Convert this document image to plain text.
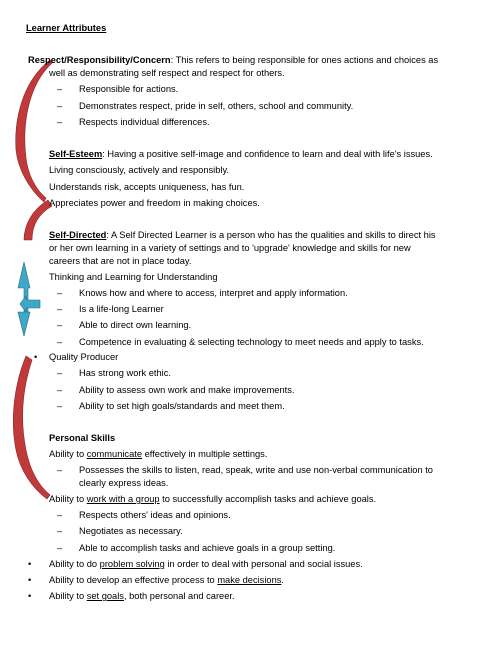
Learner Attributes
Respect/Responsibility/Concern: This refers to being responsible for ones actions and choices as
well as demonstrating self respect and respect for others.
– Responsible for actions.
– Demonstrates respect, pride in self, others, school and community.
– Respects individual differences.
Self-Esteem: Having a positive self-image and confidence to learn and deal with life's issues.
Living consciously, actively and responsibly.
Understands risk, accepts uniqueness, has fun.
Appreciates power and freedom in making choices.
Self-Directed: A Self Directed Learner is a person who has the qualities and skills to direct his
or her own learning in a variety of settings and to 'upgrade' knowledge and skills for new
careers that are not in place today.
Thinking and Learning for Understanding
– Knows how and where to access, interpret and apply information.
– Is a life-long Learner
– Able to direct own learning.
– Competence in evaluating & selecting technology to meet needs and apply to tasks.
• Quality Producer
– Has strong work ethic.
– Ability to assess own work and make improvements.
– Ability to set high goals/standards and meet them.
Personal Skills
Ability to communicate effectively in multiple settings.
– Possesses the skills to listen, read, speak, write and use non-verbal communication to
clearly express ideas.
Ability to work with a group to successfully accomplish tasks and achieve goals.
– Respects others' ideas and opinions.
– Negotiates as necessary.
– Able to accomplish tasks and achieve goals in a group setting.
• Ability to do problem solving in order to deal with personal and social issues.
• Ability to develop an effective process to make decisions.
• Ability to set goals, both personal and career.
